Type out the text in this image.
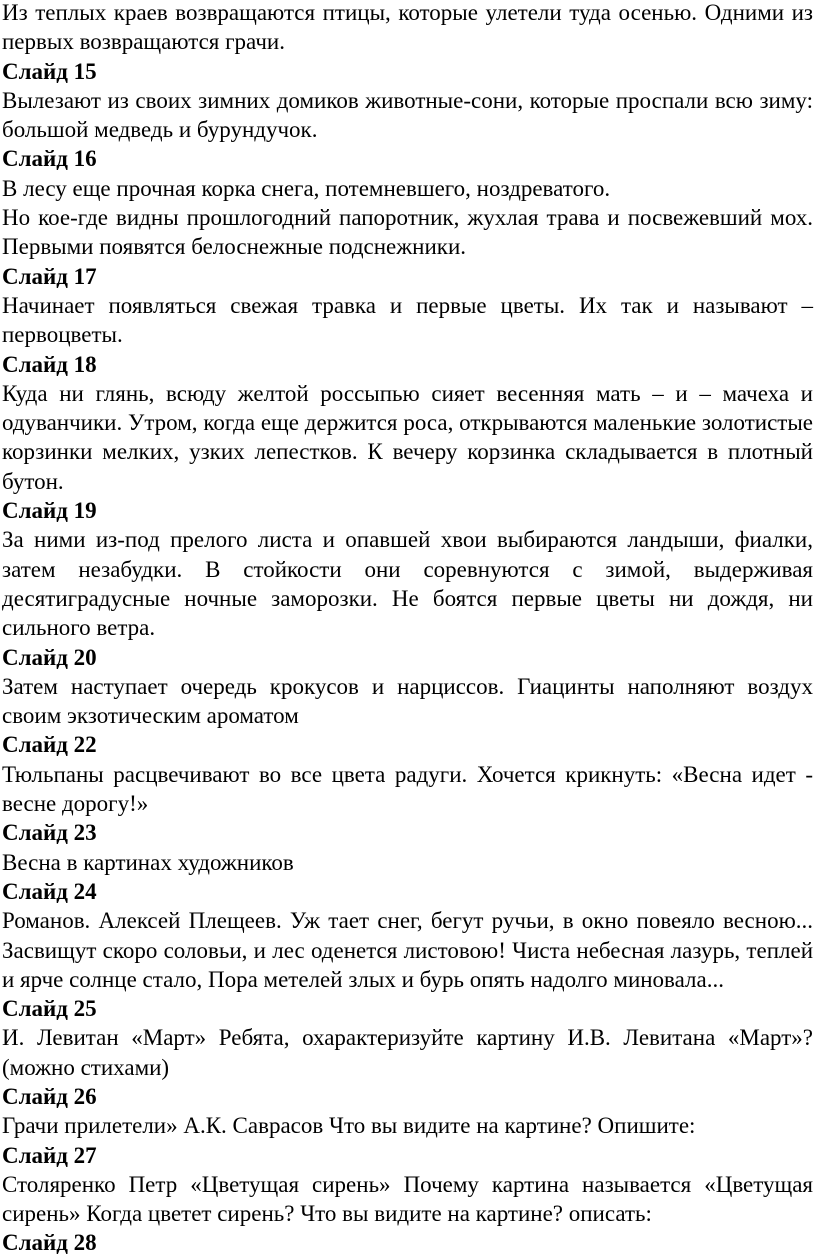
Из теплых краев возвращаются птицы, которые улетели туда осенью. Одними из первых возвращаются грачи.

Слайд 15

Вылезают из своих зимних домиков животные-сони, которые проспали всю зиму: большой медведь и бурундучок.

Слайд 16

В лесу еще прочная корка снега, потемневшего, ноздреватого.

Но кое-где видны прошлогодний папоротник, жухлая трава и посвежевший мох. Первыми появятся белоснежные подснежники.

Слайд 17

Начинает появляться свежая травка и первые цветы. Их так и называют – первоцветы.

Слайд 18

Куда ни глянь, всюду желтой россыпью сияет весенняя мать – и – мачеха и одуванчики. Утром, когда еще держится роса, открываются маленькие золотистые корзинки мелких, узких лепестков. К вечеру корзинка складывается в плотный бутон.

Слайд 19

За ними из-под прелого листа и опавшей хвои выбираются ландыши, фиалки, затем незабудки. В стойкости они соревнуются с зимой, выдерживая десятиградусные ночные заморозки. Не боятся первые цветы ни дождя, ни сильного ветра.

Слайд 20

Затем наступает очередь крокусов и нарциссов. Гиацинты наполняют воздух своим экзотическим ароматом

Слайд 22

Тюльпаны расцвечивают во все цвета радуги. Хочется крикнуть: «Весна идет - весне дорогу!»

Слайд 23

Весна в картинах художников

Слайд 24

Романов. Алексей Плещеев. Уж тает снег, бегут ручьи, в окно повеяло весною... Засвищут скоро соловьи, и лес оденется листовою! Чиста небесная лазурь, теплей и ярче солнце стало, Пора метелей злых и бурь опять надолго миновала...

Слайд 25

И. Левитан «Март» Ребята, охарактеризуйте картину И.В. Левитана «Март»? (можно стихами)

Слайд 26

Грачи прилетели» А.К. Саврасов Что вы видите на картине? Опишите:

Слайд 27

Столяренко Петр «Цветущая сирень» Почему картина называется «Цветущая сирень» Когда цветет сирень? Что вы видите на картине? описать:

Слайд 28
